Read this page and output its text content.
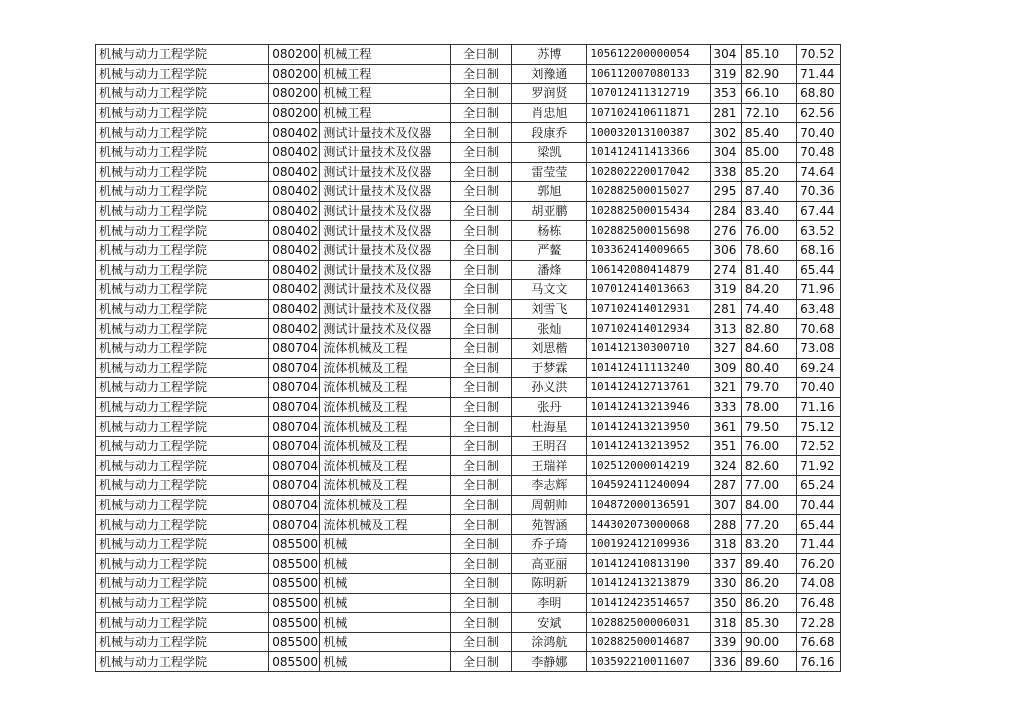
机械与动力工程学院	080200	机械工程	全日制	苏博	105612200000054	304	85.10	70.52
机械与动力工程学院	080200	机械工程	全日制	刘豫通	106112007080133	319	82.90	71.44
机械与动力工程学院	080200	机械工程	全日制	罗润贤	107012411312719	353	66.10	68.80
机械与动力工程学院	080200	机械工程	全日制	肖忠旭	107102410611871	281	72.10	62.56
机械与动力工程学院	080402	测试计量技术及仪器	全日制	段康乔	100032013100387	302	85.40	70.40
机械与动力工程学院	080402	测试计量技术及仪器	全日制	梁凯	101412411413366	304	85.00	70.48
机械与动力工程学院	080402	测试计量技术及仪器	全日制	雷莹莹	102802220017042	338	85.20	74.64
机械与动力工程学院	080402	测试计量技术及仪器	全日制	郭旭	102882500015027	295	87.40	70.36
机械与动力工程学院	080402	测试计量技术及仪器	全日制	胡亚鹏	102882500015434	284	83.40	67.44
机械与动力工程学院	080402	测试计量技术及仪器	全日制	杨栋	102882500015698	276	76.00	63.52
机械与动力工程学院	080402	测试计量技术及仪器	全日制	严鳌	103362414009665	306	78.60	68.16
机械与动力工程学院	080402	测试计量技术及仪器	全日制	潘烽	106142080414879	274	81.40	65.44
机械与动力工程学院	080402	测试计量技术及仪器	全日制	马文文	107012414013663	319	84.20	71.96
机械与动力工程学院	080402	测试计量技术及仪器	全日制	刘雪飞	107102414012931	281	74.40	63.48
机械与动力工程学院	080402	测试计量技术及仪器	全日制	张灿	107102414012934	313	82.80	70.68
机械与动力工程学院	080704	流体机械及工程	全日制	刘思楷	101412130300710	327	84.60	73.08
机械与动力工程学院	080704	流体机械及工程	全日制	于梦霖	101412411113240	309	80.40	69.24
机械与动力工程学院	080704	流体机械及工程	全日制	孙义洪	101412412713761	321	79.70	70.40
机械与动力工程学院	080704	流体机械及工程	全日制	张丹	101412413213946	333	78.00	71.16
机械与动力工程学院	080704	流体机械及工程	全日制	杜海星	101412413213950	361	79.50	75.12
机械与动力工程学院	080704	流体机械及工程	全日制	王明召	101412413213952	351	76.00	72.52
机械与动力工程学院	080704	流体机械及工程	全日制	王瑞祥	102512000014219	324	82.60	71.92
机械与动力工程学院	080704	流体机械及工程	全日制	李志辉	104592411240094	287	77.00	65.24
机械与动力工程学院	080704	流体机械及工程	全日制	周朝帅	104872000136591	307	84.00	70.44
机械与动力工程学院	080704	流体机械及工程	全日制	苑智涵	144302073000068	288	77.20	65.44
机械与动力工程学院	085500	机械	全日制	乔子琦	100192412109936	318	83.20	71.44
机械与动力工程学院	085500	机械	全日制	高亚丽	101412410813190	337	89.40	76.20
机械与动力工程学院	085500	机械	全日制	陈明新	101412413213879	330	86.20	74.08
机械与动力工程学院	085500	机械	全日制	李明	101412423514657	350	86.20	76.48
机械与动力工程学院	085500	机械	全日制	安斌	102882500006031	318	85.30	72.28
机械与动力工程学院	085500	机械	全日制	涂鸿航	102882500014687	339	90.00	76.68
机械与动力工程学院	085500	机械	全日制	李静娜	103592210011607	336	89.60	76.16
